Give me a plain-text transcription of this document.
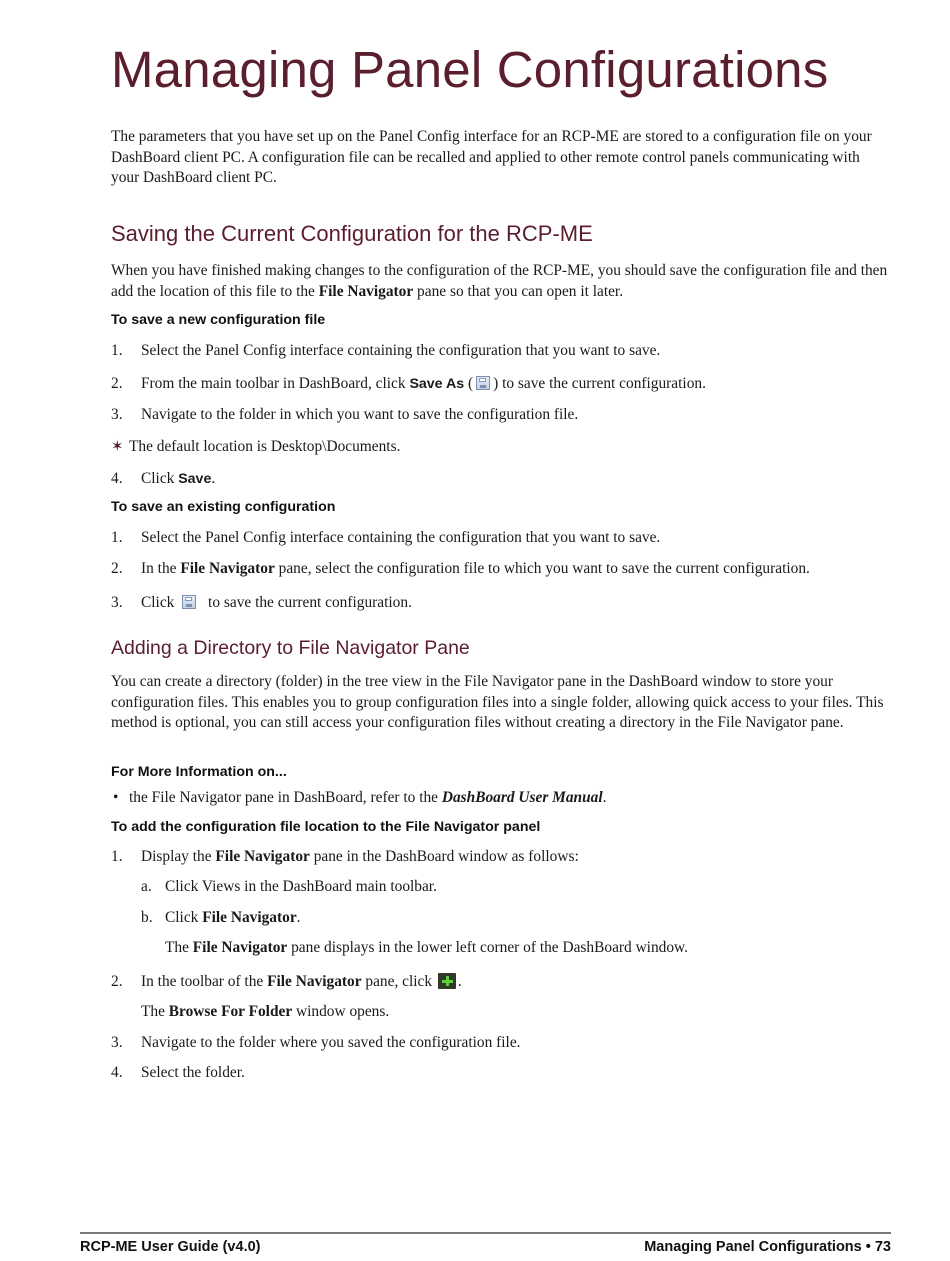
Managing Panel Configurations

The parameters that you have set up on the Panel Config interface for an RCP-ME are stored to a configuration file on your DashBoard client PC. A configuration file can be recalled and applied to other remote control panels communicating with your DashBoard client PC.

Saving the Current Configuration for the RCP-ME

When you have finished making changes to the configuration of the RCP-ME, you should save the configuration file and then add the location of this file to the File Navigator pane so that you can open it later.

To save a new configuration file

1. Select the Panel Config interface containing the configuration that you want to save.
2. From the main toolbar in DashBoard, click Save As ( ) to save the current configuration.
3. Navigate to the folder in which you want to save the configuration file.
✶ The default location is Desktop\Documents.
4. Click Save.

To save an existing configuration

1. Select the Panel Config interface containing the configuration that you want to save.
2. In the File Navigator pane, select the configuration file to which you want to save the current configuration.
3. Click  to save the current configuration.
Adding a Directory to File Navigator Pane

You can create a directory (folder) in the tree view in the File Navigator pane in the DashBoard window to store your configuration files. This enables you to group configuration files into a single folder, allowing quick access to your files. This method is optional, you can still access your configuration files without creating a directory in the File Navigator pane.

For More Information on...

• the File Navigator pane in DashBoard, refer to the DashBoard User Manual.

To add the configuration file location to the File Navigator panel

1. Display the File Navigator pane in the DashBoard window as follows:
a. Click Views in the DashBoard main toolbar.
b. Click File Navigator.
The File Navigator pane displays in the lower left corner of the DashBoard window.
2. In the toolbar of the File Navigator pane, click .
The Browse For Folder window opens.
3. Navigate to the folder where you saved the configuration file.
4. Select the folder.
RCP-ME User Guide (v4.0)	Managing Panel Configurations • 73
